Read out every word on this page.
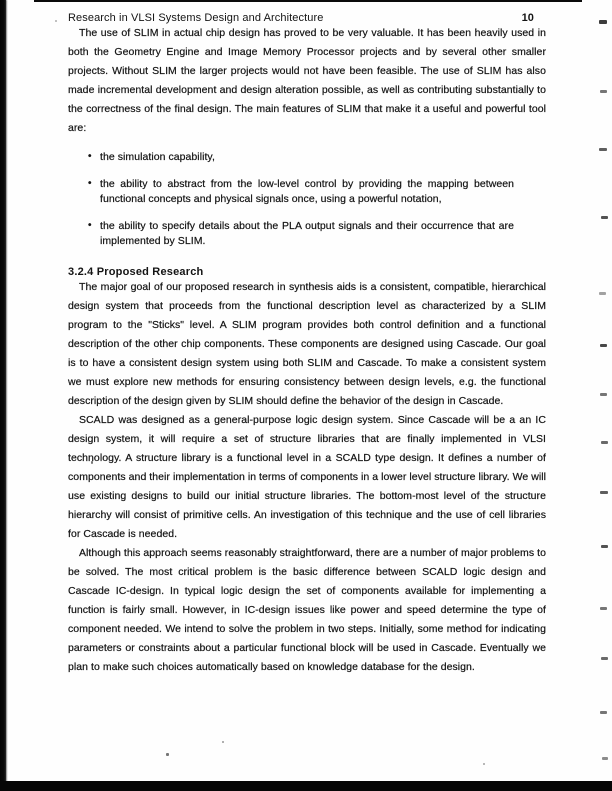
Research in VLSI Systems Design and Architecture	10

The use of SLIM in actual chip design has proved to be very valuable. It has been heavily used in both the Geometry Engine and Image Memory Processor projects and by several other smaller projects. Without SLIM the larger projects would not have been feasible. The use of SLIM has also made incremental development and design alteration possible, as well as contributing substantially to the correctness of the final design. The main features of SLIM that make it a useful and powerful tool are:

• the simulation capability,
• the ability to abstract from the low-level control by providing the mapping between functional concepts and physical signals once, using a powerful notation,
• the ability to specify details about the PLA output signals and their occurrence that are implemented by SLIM.
3.2.4 Proposed Research

The major goal of our proposed research in synthesis aids is a consistent, compatible, hierarchical design system that proceeds from the functional description level as characterized by a SLIM program to the "Sticks" level. A SLIM program provides both control definition and a functional description of the other chip components. These components are designed using Cascade. Our goal is to have a consistent design system using both SLIM and Cascade. To make a consistent system we must explore new methods for ensuring consistency between design levels, e.g. the functional description of the design given by SLIM should define the behavior of the design in Cascade.

SCALD was designed as a general-purpose logic design system. Since Cascade will be a an IC design system, it will require a set of structure libraries that are finally implemented in VLSI technology. A structure library is a functional level in a SCALD type design. It defines a number of components and their implementation in terms of components in a lower level structure library. We will use existing designs to build our initial structure libraries. The bottom-most level of the structure hierarchy will consist of primitive cells. An investigation of this technique and the use of cell libraries for Cascade is needed.

Although this approach seems reasonably straightforward, there are a number of major problems to be solved. The most critical problem is the basic difference between SCALD logic design and Cascade IC-design. In typical logic design the set of components available for implementing a function is fairly small. However, in IC-design issues like power and speed determine the type of component needed. We intend to solve the problem in two steps. Initially, some method for indicating parameters or constraints about a particular functional block will be used in Cascade. Eventually we plan to make such choices automatically based on knowledge database for the design.
